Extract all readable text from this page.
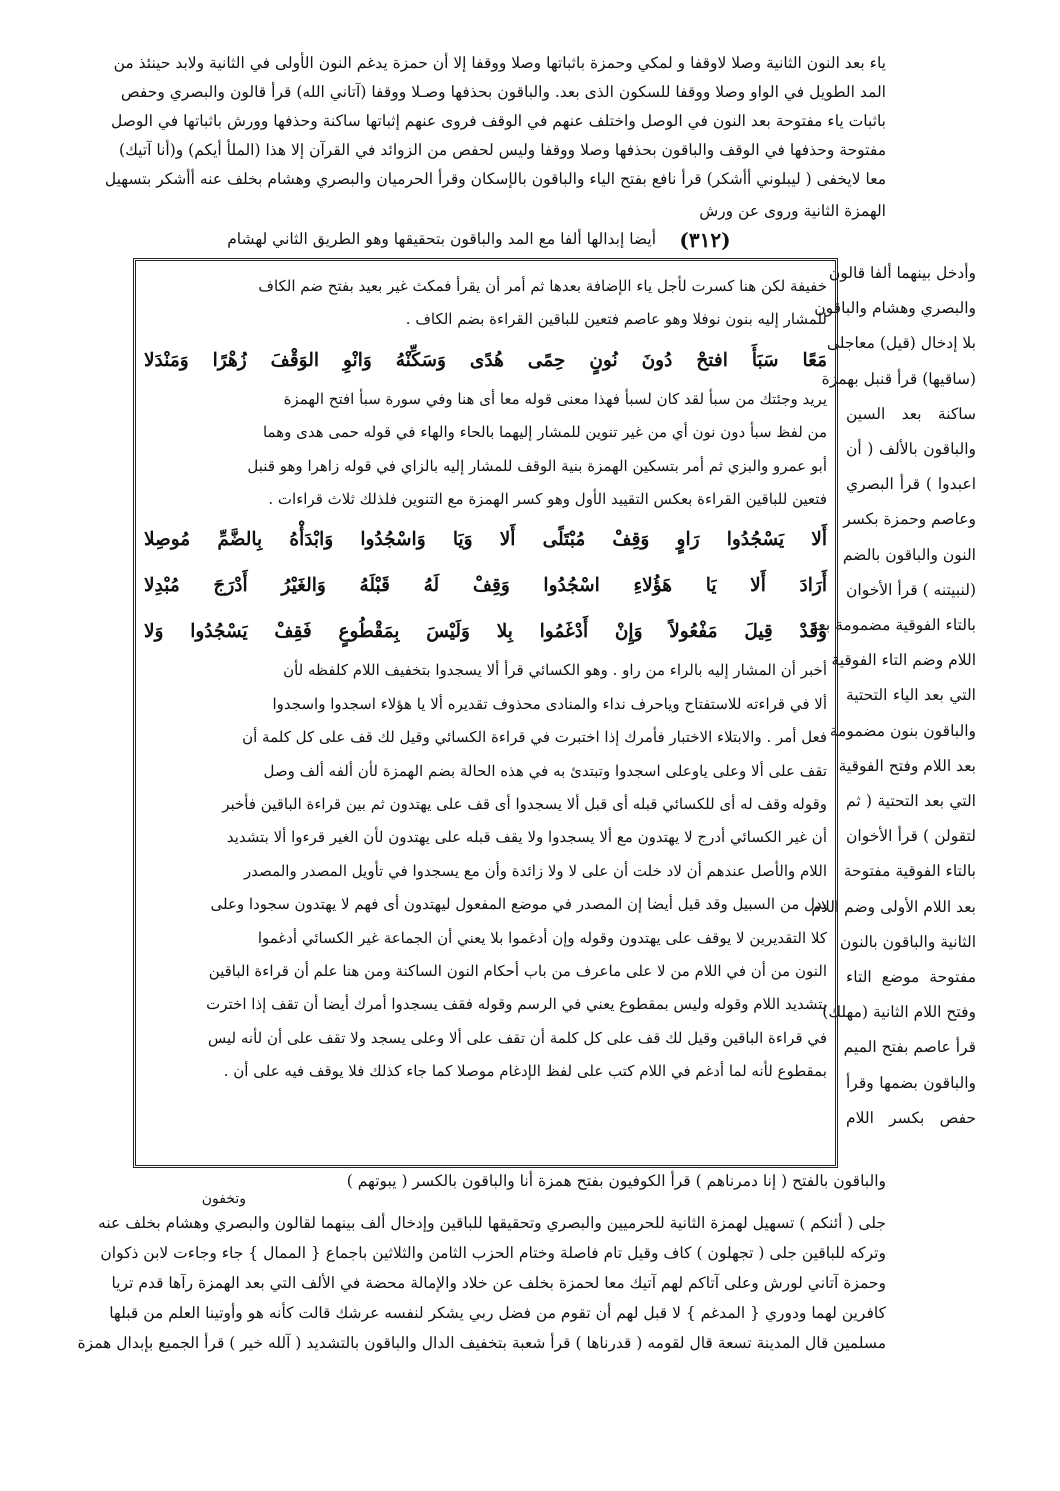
ياء بعد النون الثانية وصلا لاوقفا و لمكي وحمزة باثباتها وصلا ووقفا إلا أن حمزة يدغم النون الأولى في الثانية ولابد حينئذ من
المد الطويل في الواو وصلا ووقفا للسكون الذى بعد. والباقون بحذفها وصـلا ووقفا (آتاني الله) قرأ قالون والبصري وحفص
باثبات ياء مفتوحة بعد النون في الوصل واختلف عنهم في الوقف فروى عنهم إثباتها ساكنة وحذفها وورش باثباتها في الوصل
مفتوحة وحذفها في الوقف والباقون بحذفها وصلا ووقفا وليس لحفص من الزوائد في القرآن إلا هذا (الملأ أيكم) و(أنا آتيك)
معا لايخفى ( ليبلوني أأشكر) قرأ نافع بفتح الياء والباقون بالإسكان وقرأ الحرميان والبصري وهشام بخلف عنه أأشكر بتسهيل
الهمزة الثانية وروى عن ورش
أيضا إبدالها ألفا مع المد والباقون بتحقيقها وهو الطريق الثاني لهشام	(٣١٢)
وأدخل بينهما ألفا قالون
والبصري وهشام والباقون
بلا إدخال (قيل) معاجلى
(ساقيها) قرأ قنبل بهمزة
ساكنة بعد السين
والباقون بالألف ( أن
اعبدوا ) قرأ البصري
وعاصم وحمزة بكسر
النون والباقون بالضم
(لنبيتنه ) قرأ الأخوان
بالتاء الفوقية مضمومة بعد
اللام وضم التاء الفوقية
التي بعد الياء التحتية
والباقون بنون مضمومة
بعد اللام وفتح الفوقية
التي بعد التحتية ( ثم
لتقولن ) قرأ الأخوان
بالتاء الفوقية مفتوحة
بعد اللام الأولى وضم اللام
الثانية والباقون بالنون
مفتوحة موضع التاء
وفتح اللام الثانية (مهلك)
قرأ عاصم بفتح الميم
والباقون بضمها وقرأ
حفص بكسر اللام
خفيفة لكن هنا كسرت لأجل ياء الإضافة بعدها ثم أمر أن يقرأ فمكث غير بعيد بفتح ضم الكاف
للمشار إليه بنون نوفلا وهو عاصم فتعين للباقين القراءة بضم الكاف .
مَعًا سَبَأَ افتحْ دُونَ نُونٍ حِمًى هُدًى وَسَكِّنْهُ وَانْوِ الوَقْفَ زُهْرًا وَمَنْدَلا
يريد وجئتك من سبأ لقد كان لسبأ فهذا معنى قوله معا أى هنا وفي سورة سبأ افتح الهمزة
من لفظ سبأ دون نون أي من غير تنوين للمشار إليهما بالحاء والهاء في قوله حمى هدى وهما
أبو عمرو والبزي ثم أمر بتسكين الهمزة بنية الوقف للمشار إليه بالزاي في قوله زاهرا وهو قنبل
فتعين للباقين القراءة بعكس التقييد الأول وهو كسر الهمزة مع التنوين فلذلك ثلاث قراءات .
أَلا يَسْجُدُوا رَاوٍ وَقِفْ مُبْتَلًى أَلا وَيَا وَاسْجُدُوا وَابْدَأْهُ بِالضَّمِّ مُوصِلا
أَرَادَ أَلا يَا هَؤُلاءِ اسْجُدُوا وَقِفْ لَهُ قَبْلَهُ وَالغَيْرُ أَدْرَجَ مُبْدِلا
وَقَدْ قِيلَ مَفْعُولاً وَإِنْ أَدْغَمُوا بِلا وَلَيْسَ بِمَقْطُوعٍ فَقِفْ يَسْجُدُوا وَلا
أخبر أن المشار إليه بالراء من راو . وهو الكسائي قرأ ألا يسجدوا بتخفيف اللام كلفظه لأن
ألا في قراءته للاستفتاح وياحرف نداء والمنادى محذوف تقديره ألا يا هؤلاء اسجدوا واسجدوا
فعل أمر . والابتلاء الاختبار فأمرك إذا اختبرت في قراءة الكسائي وقيل لك قف على كل كلمة أن
تقف على ألا وعلى ياوعلى اسجدوا وتبتدئ به في هذه الحالة بضم الهمزة لأن ألفه ألف وصل
وقوله وقف له أى للكسائي قبله أى قبل ألا يسجدوا أى قف على يهتدون ثم بين قراءة الباقين فأخبر
أن غير الكسائي أدرج لا يهتدون مع ألا يسجدوا ولا يقف قبله على يهتدون لأن الغير قرءوا ألا بتشديد
اللام والأصل عندهم أن لاد خلت أن على لا ولا زائدة وأن مع يسجدوا في تأويل المصدر والمصدر
بدل من السبيل وقد قيل أيضا إن المصدر في موضع المفعول ليهتدون أى فهم لا يهتدون سجودا وعلى
كلا التقديرين لا يوقف على يهتدون وقوله وإن أدغموا بلا يعني أن الجماعة غير الكسائي أدغموا
النون من أن في اللام من لا على ماعرف من باب أحكام النون الساكنة ومن هنا علم أن قراءة الباقين
بتشديد اللام وقوله وليس بمقطوع يعني في الرسم وقوله فقف يسجدوا أمرك أيضا أن تقف إذا اخترت
في قراءة الباقين وقيل لك قف على كل كلمة أن تقف على ألا وعلى يسجد ولا تقف على أن لأنه ليس
بمقطوع لأنه لما أدغم في اللام كتب على لفظ الإدغام موصلا كما جاء كذلك فلا يوقف فيه على أن .
والباقون بالفتح ( إنا دمرناهم ) قرأ الكوفيون بفتح همزة أنا والباقون بالكسر ( يبوتهم )
وتخفون
جلى ( أئنكم ) تسهيل لهمزة الثانية للحرميين والبصري وتحقيقها للباقين وإدخال ألف بينهما لقالون والبصري وهشام بخلف عنه
وتركه للباقين جلى ( تجهلون ) كاف وقيل تام فاصلة وختام الحزب الثامن والثلاثين باجماع { الممال } جاء وجاءت لابن ذكوان
وحمزة آتاني لورش وعلى آتاكم لهم آتيك معا لحمزة بخلف عن خلاد والإمالة محضة في الألف التي بعد الهمزة رآها قدم تريا
كافرين لهما ودوري { المدغم } لا قبل لهم أن تقوم من فضل ربي يشكر لنفسه عرشك قالت كأنه هو وأوتينا العلم من قبلها
مسلمين قال المدينة تسعة قال لقومه ( قدرناها ) قرأ شعبة بتخفيف الدال والباقون بالتشديد ( آلله خير ) قرأ الجميع بإبدال همزة
